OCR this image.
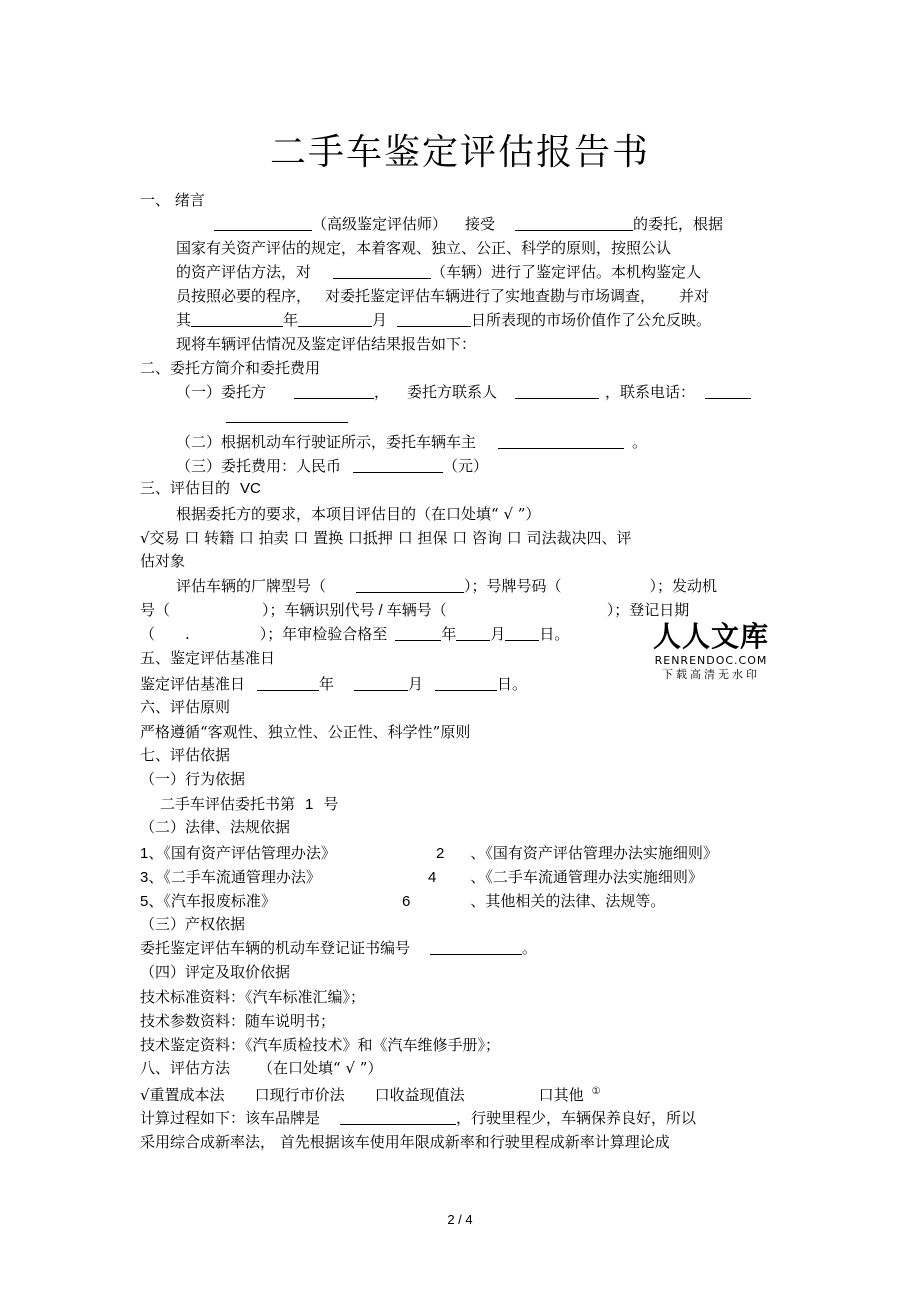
二手车鉴定评估报告书
一、 绪言
（高级鉴定评估师） 接受	的委托，根据
国家有关资产评估的规定，本着客观、独立、公正、科学的原则，按照公认
的资产评估方法，对	（车辆）进行了鉴定评估。本机构鉴定人
员按照必要的程序， 对委托鉴定评估车辆进行了实地查勘与市场调查， 并对
其	年	月	日所表现的市场价值作了公允反映。
现将车辆评估情况及鉴定评估结果报告如下：
二、委托方简介和委托费用
（一）委托方	， 委托方联系人	，联系电话：
（二）根据机动车行驶证所示，委托车辆车主	。
（三）委托费用：人民币	（元）
三、评估目的 VC
根据委托方的要求，本项目评估目的（在口处填“ √ ”）
√交易 口 转籍 口 拍卖 口 置换 口抵押 口 担保 口 咨询 口 司法裁决四、评
估对象
评估车辆的厂牌型号（	）；号牌号码（	）；发动机
号（	）；车辆识别代号 / 车辆号（	）；登记日期
（ .	）；年审检验合格至	年 月 日。
五、鉴定评估基准日
鉴定评估基准日	年	月	日。
六、评估原则
严格遵循“客观性、独立性、公正性、科学性”原则
七、评估依据
（一）行为依据
二手车评估委托书第 1 号
（二）法律、法规依据
1、《国有资产评估管理办法》	2 、《国有资产评估管理办法实施细则》
3、《二手车流通管理办法》	4 、《二手车流通管理办法实施细则》
5、《汽车报废标准》	6	、其他相关的法律、法规等。
（三）产权依据
委托鉴定评估车辆的机动车登记证书编号	。
（四）评定及取价依据
技术标准资料：《汽车标准汇编》；
技术参数资料：随车说明书；
技术鉴定资料：《汽车质检技术》和《汽车维修手册》；
八、评估方法 （在口处填“ √ ”）
√重置成本法 口现行市价法 口收益现值法	口其他 ①
计算过程如下：该车品牌是	，行驶里程少，车辆保养良好，所以
采用综合成新率法， 首先根据该车使用年限成新率和行驶里程成新率计算理论成
人人文库
RENRENDOC.COM
下载高清无水印
2 / 4
